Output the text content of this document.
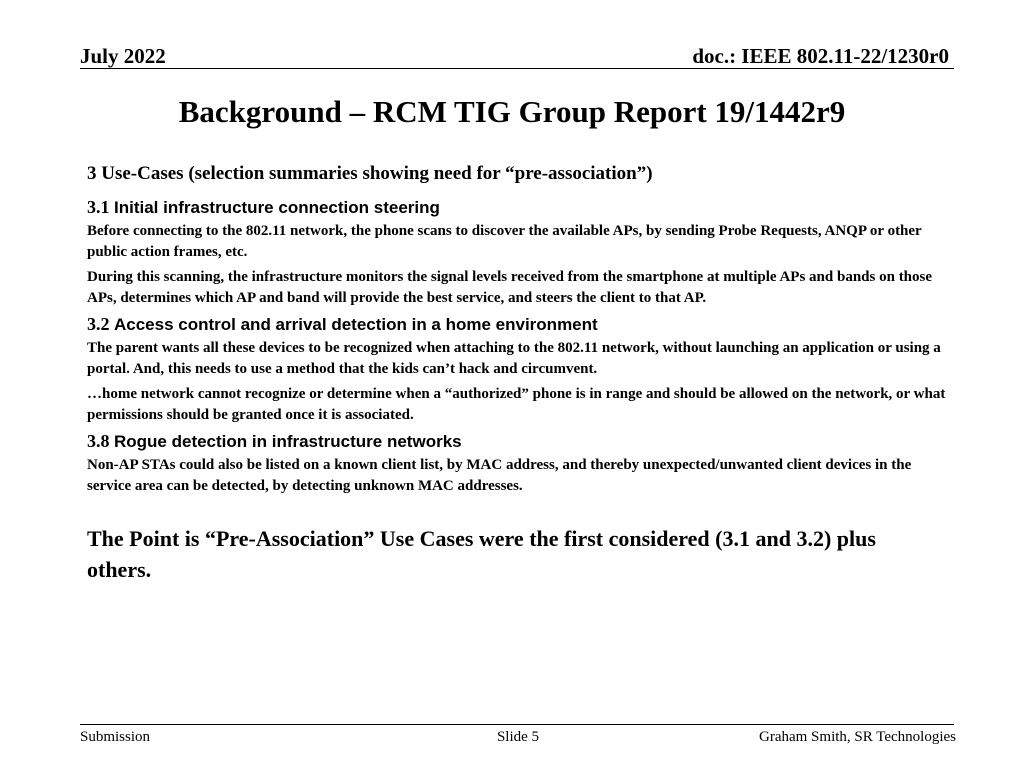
July 2022	doc.: IEEE 802.11-22/1230r0
Background – RCM TIG Group Report 19/1442r9
3 Use-Cases (selection summaries showing need for “pre-association”)
3.1 Initial infrastructure connection steering
Before connecting to the 802.11 network, the phone scans to discover the available APs, by sending Probe Requests, ANQP or other public action frames, etc.
During this scanning, the infrastructure monitors the signal levels received from the smartphone at multiple APs and bands on those APs, determines which AP and band will provide the best service, and steers the client to that AP.
3.2 Access control and arrival detection in a home environment
The parent wants all these devices to be recognized when attaching to the 802.11 network, without launching an application or using a portal. And, this needs to use a method that the kids can’t hack and circumvent.
…home network cannot recognize or determine when a “authorized” phone is in range and should be allowed on the network, or what permissions should be granted once it is associated.
3.8 Rogue detection in infrastructure networks
Non-AP STAs could also be listed on a known client list, by MAC address, and thereby unexpected/unwanted client devices in the service area can be detected, by detecting unknown MAC addresses.
The Point is “Pre-Association” Use Cases were the first considered (3.1 and 3.2) plus others.
Submission	Slide 5	Graham Smith, SR Technologies
